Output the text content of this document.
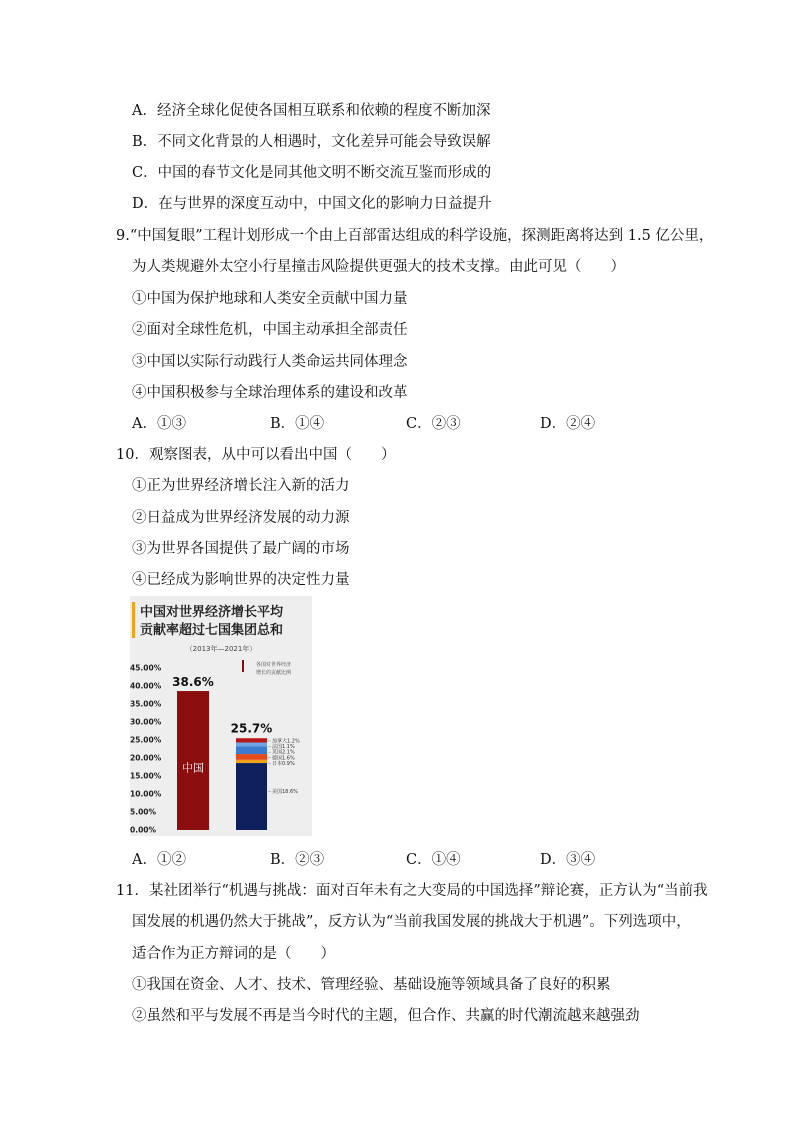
A．经济全球化促使各国相互联系和依赖的程度不断加深
B．不同文化背景的人相遇时，文化差异可能会导致误解
C．中国的春节文化是同其他文明不断交流互鉴而形成的
D．在与世界的深度互动中，中国文化的影响力日益提升
9.“中国复眼”工程计划形成一个由上百部雷达组成的科学设施，探测距离将达到 1.5 亿公里，
为人类规避外太空小行星撞击风险提供更强大的技术支撑。由此可见（　　）
①中国为保护地球和人类安全贡献中国力量
②面对全球性危机，中国主动承担全部责任
③中国以实际行动践行人类命运共同体理念
④中国积极参与全球治理体系的建设和改革
A．①③	B．①④	C．②③	D．②④
10．观察图表，从中可以看出中国（　　）
①正为世界经济增长注入新的活力
②日益成为世界经济发展的动力源
③为世界各国提供了最广阔的市场
④已经成为影响世界的决定性力量
中国对世界经济增长平均
贡献率超过七国集团总和
（2013年—2021年）
各国对世界经济
增长的贡献比例
0.00%
5.00%
10.00%
15.00%
20.00%
25.00%
30.00%
35.00%
40.00%
45.00%
38.6%
中国
25.7%
加拿大1.2%
法国1.1%
英国2.1%
德国1.6%
日本0.9%
美国18.6%
A．①②	B．②③	C．①④	D．③④
11．某社团举行“机遇与挑战：面对百年未有之大变局的中国选择”辩论赛，正方认为“当前我
国发展的机遇仍然大于挑战”，反方认为“当前我国发展的挑战大于机遇”。下列选项中，
适合作为正方辩词的是（　　）
①我国在资金、人才、技术、管理经验、基础设施等领域具备了良好的积累
②虽然和平与发展不再是当今时代的主题，但合作、共赢的时代潮流越来越强劲
